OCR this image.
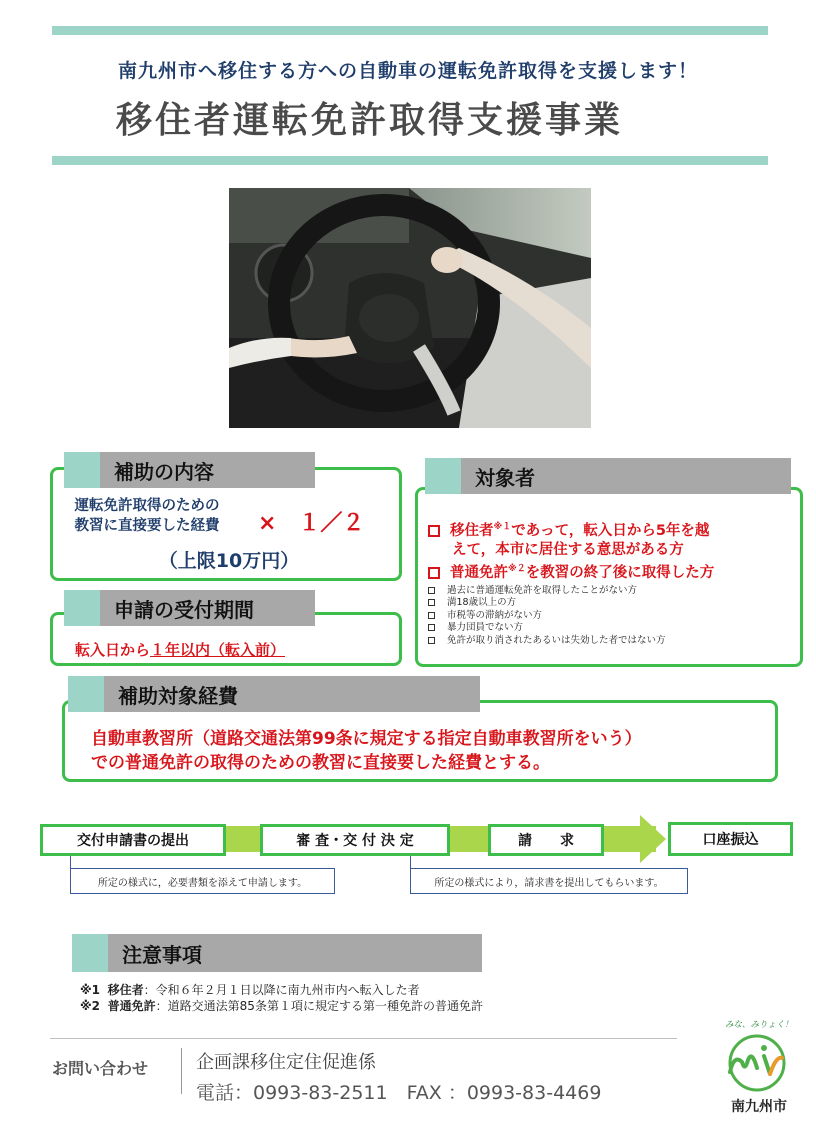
南九州市へ移住する方への自動車の運転免許取得を支援します！
移住者運転免許取得支援事業
運転免許取得のための
教習に直接要した経費	×　１／２
（上限10万円）
補助の内容
転入日から１年以内（転入前）
申請の受付期間
移住者$^{※1}$であって，転入日から5年を越
えて，本市に居住する意思がある方
普通免許$^{※2}$を教習の終了後に取得した方
過去に普通運転免許を取得したことがない方
満18歳以上の方
市税等の滞納がない方
暴力団員でない方
免許が取り消されたあるいは失効した者ではない方
対象者
自動車教習所（道路交通法第99条に規定する指定自動車教習所をいう）
での普通免許の取得のための教習に直接要した経費とする。
補助対象経費
交付申請書の提出	審 査・交 付 決 定	請　　求	口座振込
所定の様式に，必要書類を添えて申請します。	所定の様式により，請求書を提出してもらいます。
注意事項
※1 移住者：令和６年２月１日以降に南九州市内へ転入した者
※2 普通免許：道路交通法第85条第１項に規定する第一種免許の普通免許
お問い合わせ	企画課移住定住促進係
電話：0993-83-2511　FAX ：0993-83-4469
みな、みりょく！
南九州市
